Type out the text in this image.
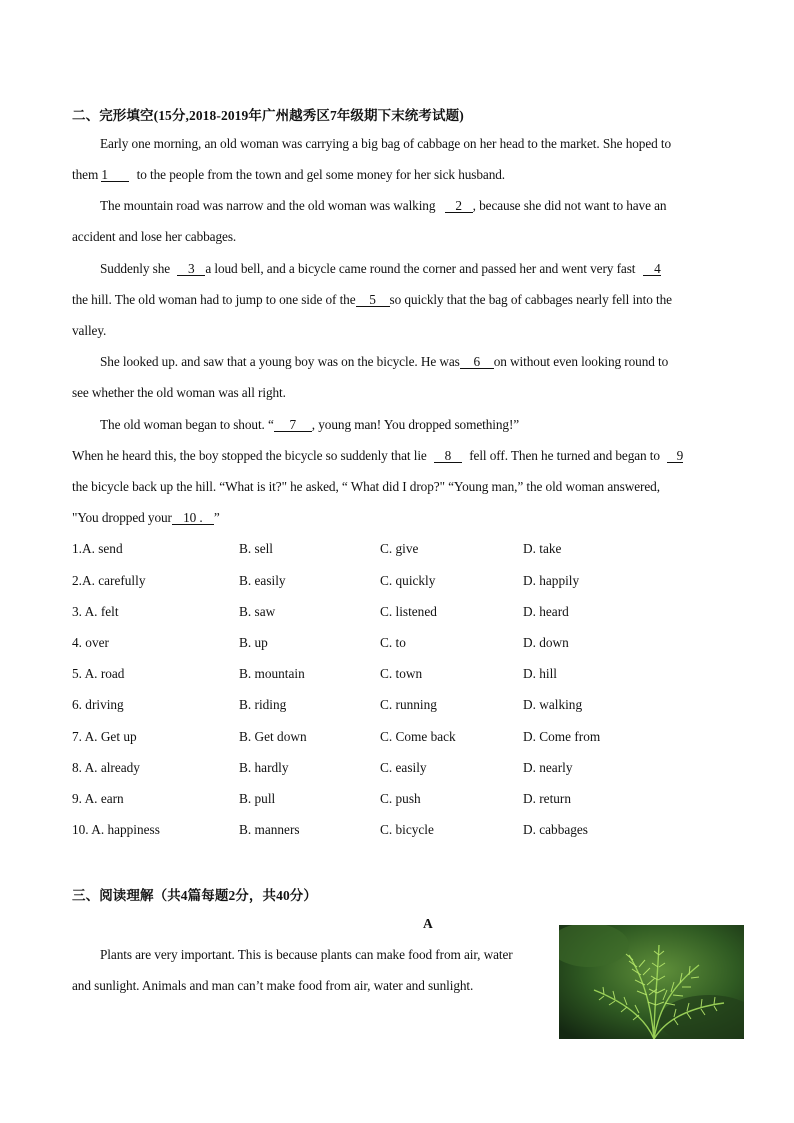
二、完形填空(15分,2018-2019年广州越秀区7年级期下末统考试题)
Early one morning, an old woman was carrying a big bag of cabbage on her head to the market. She hoped to
them 1 to the people from the town and gel some money for her sick husband.
The mountain road was narrow and the old woman was walking 2 , because she did not want to have an
accident and lose her cabbages.
Suddenly she 3 a loud bell, and a bicycle came round the corner and passed her and went very fast 4
the hill. The old woman had to jump to one side of the 5 so quickly that the bag of cabbages nearly fell into the
valley.
She looked up. and saw that a young boy was on the bicycle. He was 6 on without even looking round to
see whether the old woman was all right.
The old woman began to shout. “ 7 , young man! You dropped something!”
When he heard this, the boy stopped the bicycle so suddenly that lie 8 fell off. Then he turned and began to 9
the bicycle back up the hill. “What is it?" he asked, “ What did I drop?" “Young man,” the old woman answered,
"You dropped your 10 . ”
1.A. send	B. sell	C. give	D. take
2.A. carefully	B. easily	C. quickly	D. happily
3. A. felt	B. saw	C. listened	D. heard
4. over	B. up	C. to	D. down
5. A. road	B. mountain	C. town	D. hill
6. driving	B. riding	C. running	D. walking
7. A. Get up	B. Get down	C. Come back	D. Come from
8. A. already	B. hardly	C. easily	D. nearly
9. A. earn	B. pull	C. push	D. return
10. A. happiness	B. manners	C. bicycle	D. cabbages
三、阅读理解（共4篇每题2分，共40分）
A
Plants are very important. This is because plants can make food from air, water
and sunlight. Animals and man can’t make food from air, water and sunlight.
